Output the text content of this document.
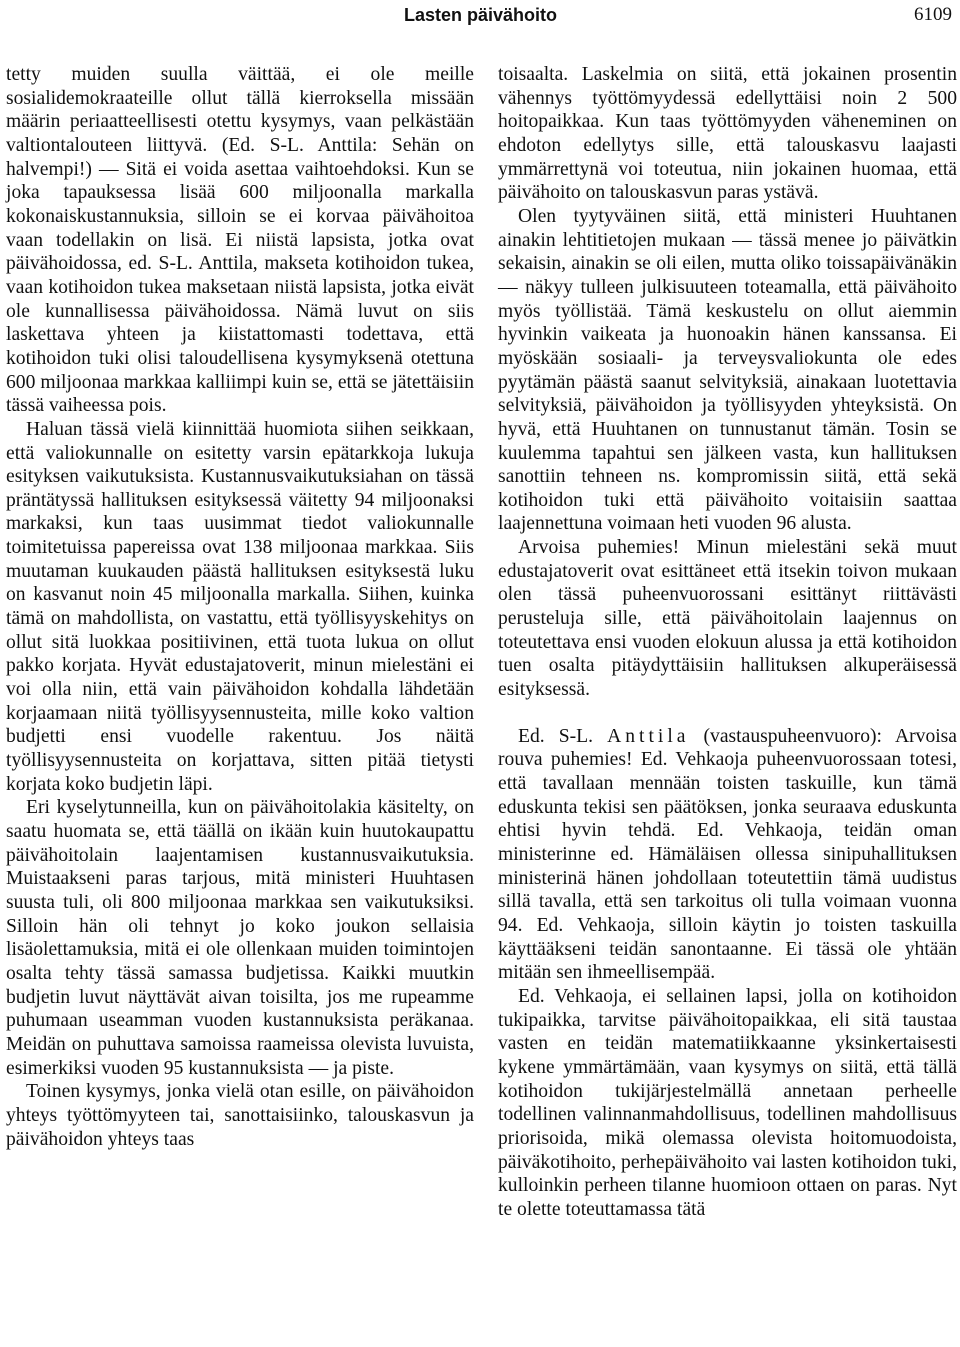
Lasten päivähoito	6109

tetty muiden suulla väittää, ei ole meille sosialidemokraateille ollut tällä kierroksella missään määrin periaatteellisesti otettu kysymys, vaan pelkästään valtiontalouteen liittyvä. (Ed. S-L. Anttila: Sehän on halvempi!) — Sitä ei voida asettaa vaihtoehdoksi. Kun se joka tapauksessa lisää 600 miljoonalla markalla kokonaiskustannuksia, silloin se ei korvaa päivähoitoa vaan todellakin on lisä. Ei niistä lapsista, jotka ovat päivähoidossa, ed. S-L. Anttila, makseta kotihoidon tukea, vaan kotihoidon tukea maksetaan niistä lapsista, jotka eivät ole kunnallisessa päivähoidossa. Nämä luvut on siis laskettava yhteen ja kiistattomasti todettava, että kotihoidon tuki olisi taloudellisena kysymyksenä otettuna 600 miljoonaa markkaa kalliimpi kuin se, että se jätettäisiin tässä vaiheessa pois.

Haluan tässä vielä kiinnittää huomiota siihen seikkaan, että valiokunnalle on esitetty varsin epätarkkoja lukuja esityksen vaikutuksista. Kustannusvaikutuksiahan on tässä präntätyssä hallituksen esityksessä väitetty 94 miljoonaksi markaksi, kun taas uusimmat tiedot valiokunnalle toimitetuissa papereissa ovat 138 miljoonaa markkaa. Siis muutaman kuukauden päästä hallituksen esityksestä luku on kasvanut noin 45 miljoonalla markalla. Siihen, kuinka tämä on mahdollista, on vastattu, että työllisyyskehitys on ollut sitä luokkaa positiivinen, että tuota lukua on ollut pakko korjata. Hyvät edustajatoverit, minun mielestäni ei voi olla niin, että vain päivähoidon kohdalla lähdetään korjaamaan niitä työllisyysennusteita, mille koko valtion budjetti ensi vuodelle rakentuu. Jos näitä työllisyysennusteita on korjattava, sitten pitää tietysti korjata koko budjetin läpi.

Eri kyselytunneilla, kun on päivähoitolakia käsitelty, on saatu huomata se, että täällä on ikään kuin huutokaupattu päivähoitolain laajentamisen kustannusvaikutuksia. Muistaakseni paras tarjous, mitä ministeri Huuhtasen suusta tuli, oli 800 miljoonaa markkaa sen vaikutuksiksi. Silloin hän oli tehnyt jo koko joukon sellaisia lisäolettamuksia, mitä ei ole ollenkaan muiden toimintojen osalta tehty tässä samassa budjetissa. Kaikki muutkin budjetin luvut näyttävät aivan toisilta, jos me rupeamme puhumaan useamman vuoden kustannuksista peräkanaa. Meidän on puhuttava samoissa raameissa olevista luvuista, esimerkiksi vuoden 95 kustannuksista — ja piste.

Toinen kysymys, jonka vielä otan esille, on päivähoidon yhteys työttömyyteen tai, sanottaisiinko, talouskasvun ja päivähoidon yhteys taas

toisaalta. Laskelmia on siitä, että jokainen prosentin vähennys työttömyydessä edellyttäisi noin 2 500 hoitopaikkaa. Kun taas työttömyyden väheneminen on ehdoton edellytys sille, että talouskasvu laajasti ymmärrettynä voi toteutua, niin jokainen huomaa, että päivähoito on talouskasvun paras ystävä.

Olen tyytyväinen siitä, että ministeri Huuhtanen ainakin lehtitietojen mukaan — tässä menee jo päivätkin sekaisin, ainakin se oli eilen, mutta oliko toissapäivänäkin — näkyy tulleen julkisuuteen toteamalla, että päivähoito myös työllistää. Tämä keskustelu on ollut aiemmin hyvinkin vaikeata ja huonoakin hänen kanssansa. Ei myöskään sosiaali- ja terveysvaliokunta ole edes pyytämän päästä saanut selvityksiä, ainakaan luotettavia selvityksiä, päivähoidon ja työllisyyden yhteyksistä. On hyvä, että Huuhtanen on tunnustanut tämän. Tosin se kuulemma tapahtui sen jälkeen vasta, kun hallituksen sanottiin tehneen ns. kompromissin siitä, että sekä kotihoidon tuki että päivähoito voitaisiin saattaa laajennettuna voimaan heti vuoden 96 alusta.

Arvoisa puhemies! Minun mielestäni sekä muut edustajatoverit ovat esittäneet että itsekin toivon mukaan olen tässä puheenvuorossani esittänyt riittävästi perusteluja sille, että päivähoitolain laajennus on toteutettava ensi vuoden elokuun alussa ja että kotihoidon tuen osalta pitäydyttäisiin hallituksen alkuperäisessä esityksessä.

Ed. S-L. Anttila (vastauspuheenvuoro): Arvoisa rouva puhemies! Ed. Vehkaoja puheenvuorossaan totesi, että tavallaan mennään toisten taskuille, kun tämä eduskunta tekisi sen päätöksen, jonka seuraava eduskunta ehtisi hyvin tehdä. Ed. Vehkaoja, teidän oman ministerinne ed. Hämäläisen ollessa sinipuhallituksen ministerinä hänen johdollaan toteutettiin tämä uudistus sillä tavalla, että sen tarkoitus oli tulla voimaan vuonna 94. Ed. Vehkaoja, silloin käytin jo toisten taskuilla käyttääkseni teidän sanontaanne. Ei tässä ole yhtään mitään sen ihmeellisempää.

Ed. Vehkaoja, ei sellainen lapsi, jolla on kotihoidon tukipaikka, tarvitse päivähoitopaikkaa, eli sitä taustaa vasten en teidän matematiikkaanne yksinkertaisesti kykene ymmärtämään, vaan kysymys on siitä, että tällä kotihoidon tukijärjestelmällä annetaan perheelle todellinen valinnanmahdollisuus, todellinen mahdollisuus priorisoida, mikä olemassa olevista hoitomuodoista, päiväkotihoito, perhepäivähoito vai lasten kotihoidon tuki, kulloinkin perheen tilanne huomioon ottaen on paras. Nyt te olette toteuttamassa tätä
